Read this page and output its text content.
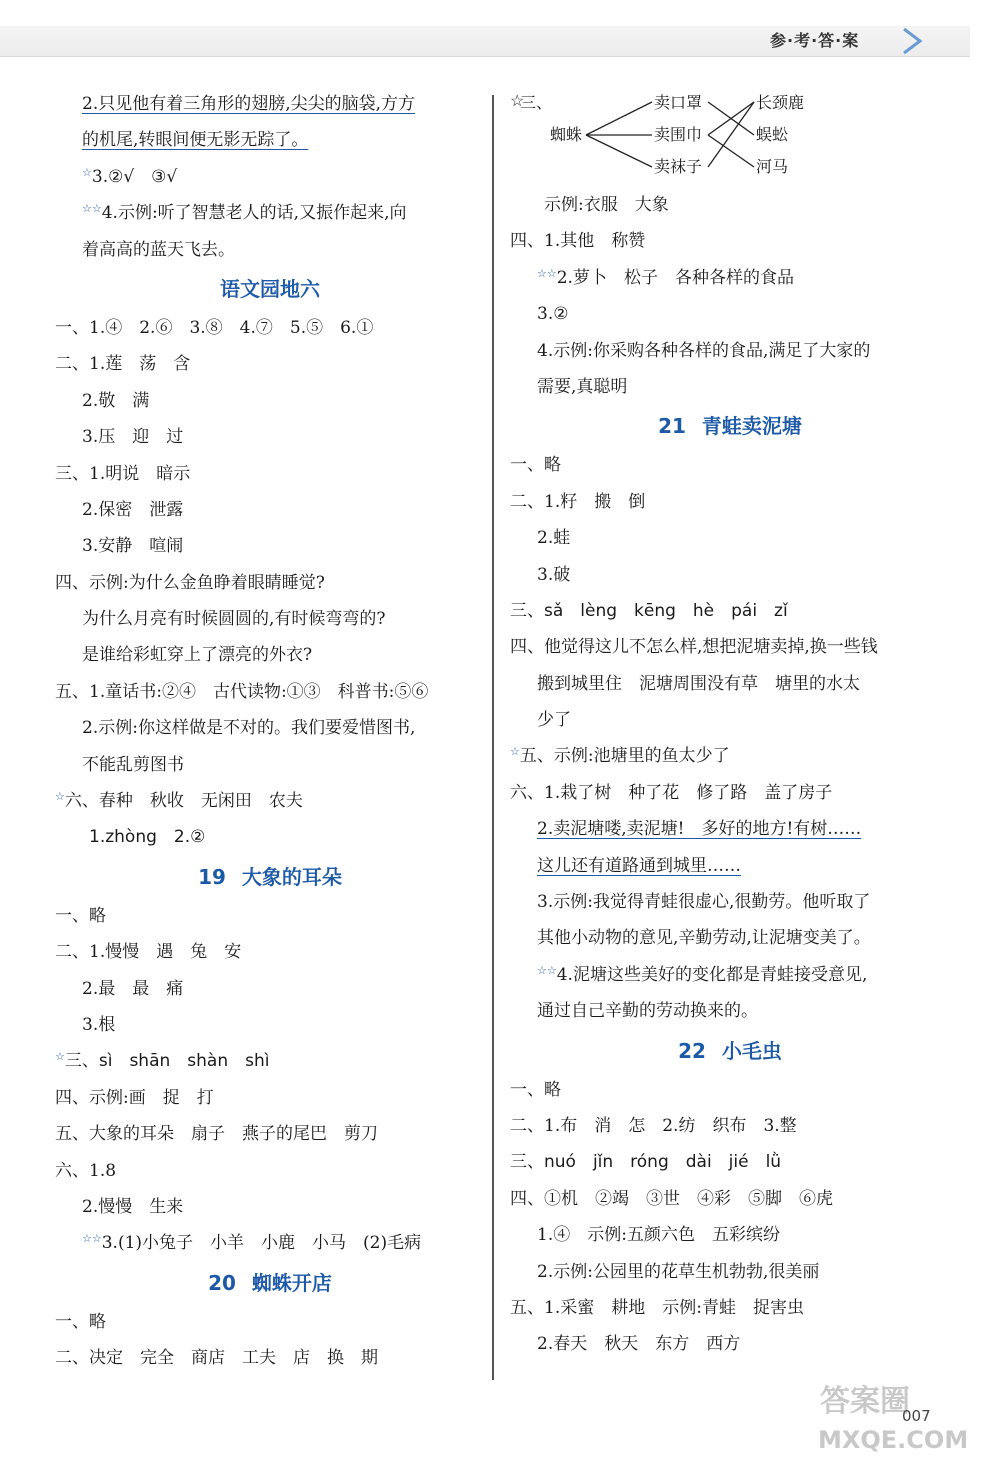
参·考·答·案
2.只见他有着三角形的翅膀,尖尖的脑袋,方方
的机尾,转眼间便无影无踪了。
☆3.②√　③√
☆☆4.示例:听了智慧老人的话,又振作起来,向
着高高的蓝天飞去。
语文园地六
一、1.④　2.⑥　3.⑧　4.⑦　5.⑤　6.①
二、1.莲　荡　含
2.敬　满
3.压　迎　过
三、1.明说　暗示
2.保密　泄露
3.安静　喧闹
四、示例:为什么金鱼睁着眼睛睡觉?
为什么月亮有时候圆圆的,有时候弯弯的?
是谁给彩虹穿上了漂亮的外衣?
五、1.童话书:②④　古代读物:①③　科普书:⑤⑥
2.示例:你这样做是不对的。我们要爱惜图书,
不能乱剪图书
☆六、春种　秋收　无闲田　农夫
1.zhòng　2.②
19 大象的耳朵
一、略
二、1.慢慢　遇　兔　安
2.最　最　痛
3.根
☆三、sì　shān　shàn　shì
四、示例:画　捉　打
五、大象的耳朵　扇子　燕子的尾巴　剪刀
六、1.8
2.慢慢　生来
☆☆3.(1)小兔子　小羊　小鹿　小马　(2)毛病
20 蜘蛛开店
一、略
二、决定　完全　商店　工夫　店　换　期
☆
三、
蜘蛛
卖口罩
卖围巾
卖袜子
长颈鹿
蜈蚣
河马
示例:衣服　大象
四、1.其他　称赞
☆☆2.萝卜　松子　各种各样的食品
3.②
4.示例:你采购各种各样的食品,满足了大家的
需要,真聪明
21 青蛙卖泥塘
一、略
二、1.籽　搬　倒
2.蛙
3.破
三、sǎ　lèng　kēng　hè　pái　zǐ
四、他觉得这儿不怎么样,想把泥塘卖掉,换一些钱
搬到城里住　泥塘周围没有草　塘里的水太
少了
☆五、示例:池塘里的鱼太少了
六、1.栽了树　种了花　修了路　盖了房子
2.卖泥塘喽,卖泥塘!　多好的地方!有树……
这儿还有道路通到城里……
3.示例:我觉得青蛙很虚心,很勤劳。他听取了
其他小动物的意见,辛勤劳动,让泥塘变美了。
☆☆4.泥塘这些美好的变化都是青蛙接受意见,
通过自己辛勤的劳动换来的。
22 小毛虫
一、略
二、1.布　消　怎　2.纺　织布　3.整
三、nuó　jǐn　róng　dài　jié　lǜ
四、①机　②竭　③世　④彩　⑤脚　⑥虎
1.④　示例:五颜六色　五彩缤纷
2.示例:公园里的花草生机勃勃,很美丽
五、1.采蜜　耕地　示例:青蛙　捉害虫
2.春天　秋天　东方　西方
答案圈
007
MXQE.COM
